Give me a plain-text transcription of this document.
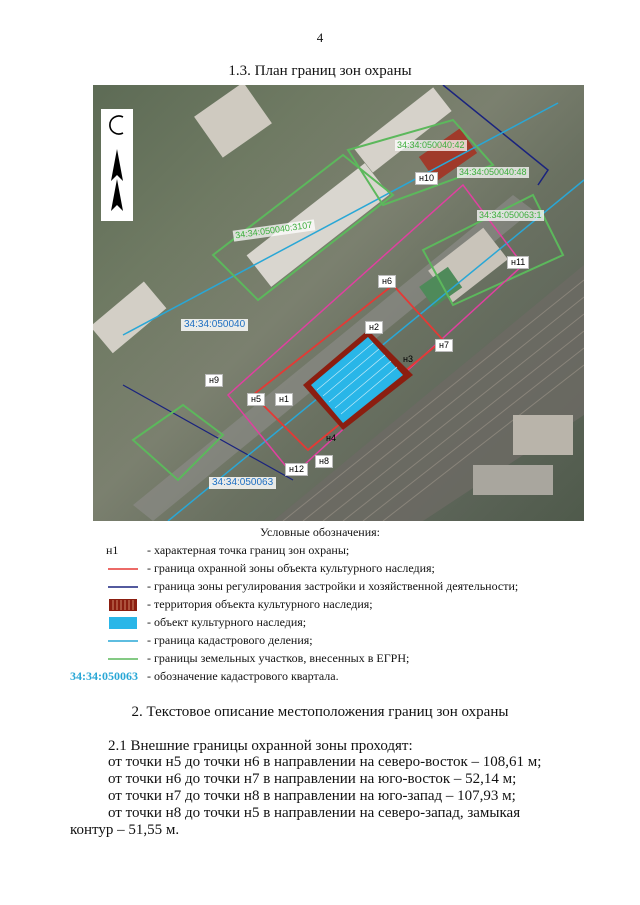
4
1.3. План границ зон охраны
н1
н2
н3
н4
н5
н6
н7
н8
н9
н10
н11
н12
34:34:050040
34:34:050063
34:34:050040:3107
34:34:050040:42
34:34:050040:48
34:34:050063:1
Условные обозначения:
н1 - характерная точка границ зон охраны;
- граница охранной зоны объекта культурного наследия;
- граница зоны регулирования застройки и хозяйственной деятельности;
- территория объекта культурного наследия;
- объект культурного наследия;
- граница кадастрового деления;
- границы земельных участков, внесенных в ЕГРН;
34:34:050063 - обозначение кадастрового квартала.
2. Текстовое описание местоположения границ зон охраны
2.1 Внешние границы охранной зоны проходят:
от точки н5 до точки н6 в направлении на северо-восток – 108,61 м;
от точки н6 до точки н7 в направлении на юго-восток – 52,14 м;
от точки н7 до точки н8 в направлении на юго-запад – 107,93 м;
от точки н8 до точки н5 в направлении на северо-запад, замыкая
контур – 51,55 м.
